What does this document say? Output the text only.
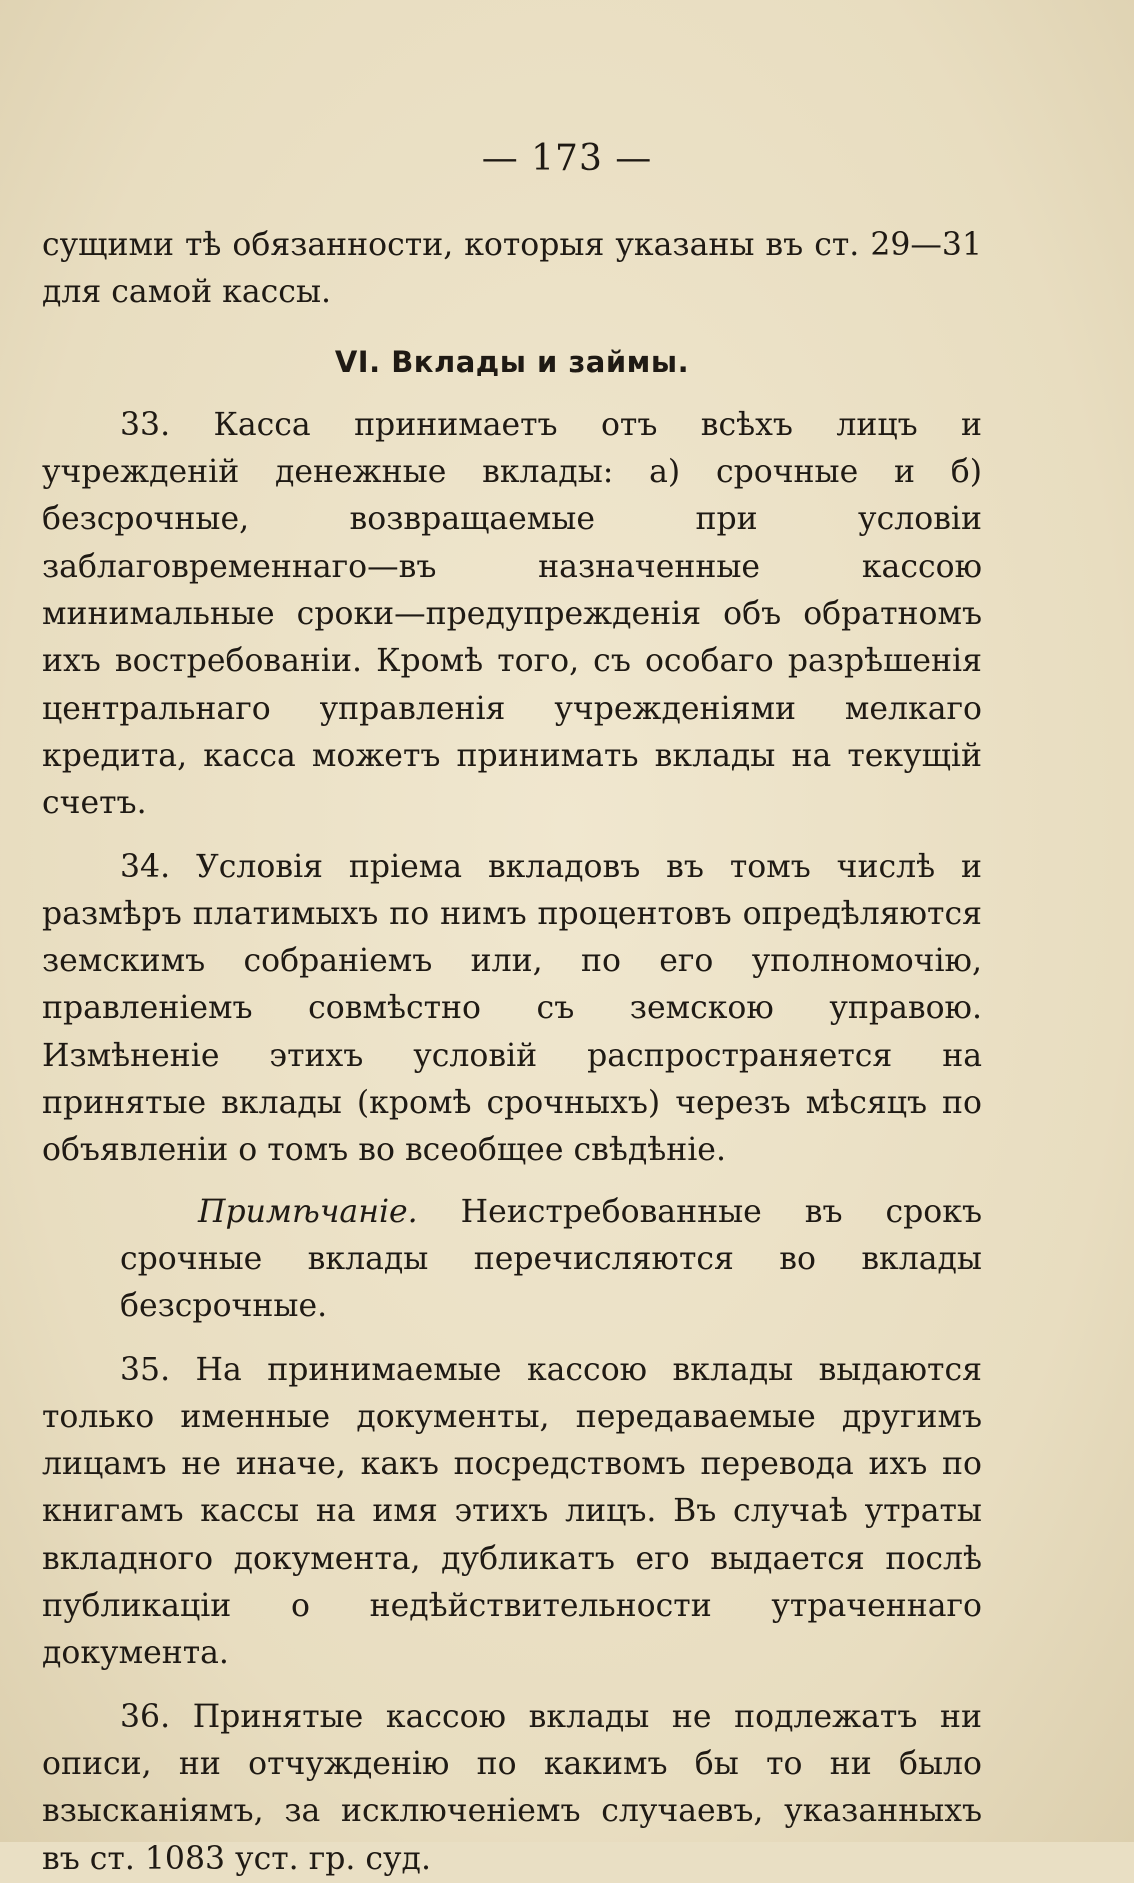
— 173 —

сущими тѣ обязанности, которыя указаны въ ст. 29—31 для самой кассы.

VI. Вклады и займы.

33. Касса принимаетъ отъ всѣхъ лицъ и учрежденій денежные вклады: а) срочные и б) безсрочные, возвращаемые при условіи заблаговременнаго—въ назначенные кассою минимальные сроки—предупрежденія объ обратномъ ихъ востребованіи. Кромѣ того, съ особаго разрѣшенія центральнаго управленія учрежденіями мелкаго кредита, касса можетъ принимать вклады на текущій счетъ.

34. Условія пріема вкладовъ въ томъ числѣ и размѣръ платимыхъ по нимъ процентовъ опредѣляются земскимъ собраніемъ или, по его уполномочію, правленіемъ совмѣстно съ земскою управою. Измѣненіе этихъ условій распространяется на принятые вклады (кромѣ срочныхъ) черезъ мѣсяцъ по объявленіи о томъ во всеобщее свѣдѣніе.

Примѣчаніе. Неистребованные въ срокъ срочные вклады перечисляются во вклады безсрочные.

35. На принимаемые кассою вклады выдаются только именные документы, передаваемые другимъ лицамъ не иначе, какъ посредствомъ перевода ихъ по книгамъ кассы на имя этихъ лицъ. Въ случаѣ утраты вкладного документа, дубликатъ его выдается послѣ публикаціи о недѣйствительности утраченнаго документа.

36. Принятые кассою вклады не подлежатъ ни описи, ни отчужденію по какимъ бы то ни было взысканіямъ, за исключеніемъ случаевъ, указанныхъ въ ст. 1083 уст. гр. суд.
